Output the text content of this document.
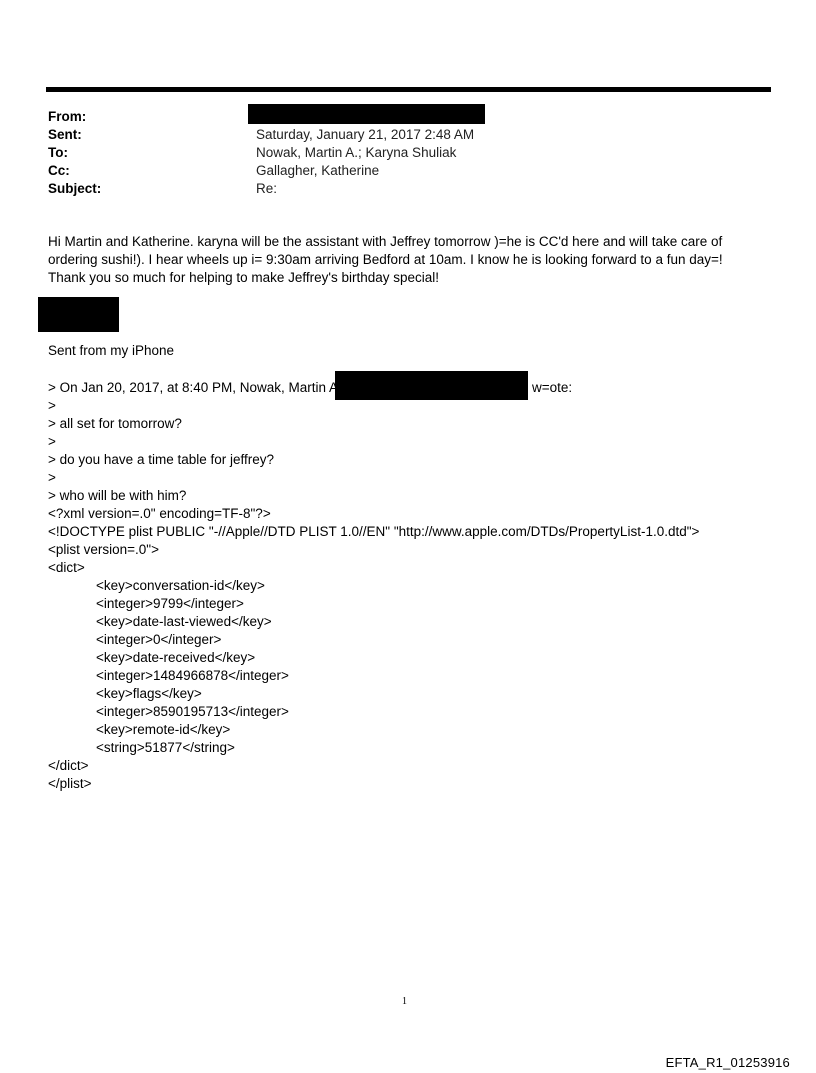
From:
Sent:	Saturday, January 21, 2017 2:48 AM
To:	Nowak, Martin A.; Karyna Shuliak
Cc:	Gallagher, Katherine
Subject:	Re:
Hi Martin and Katherine. karyna will be the assistant with Jeffrey tomorrow )=he is CC'd here and will take care of
ordering sushi!). I hear wheels up i= 9:30am arriving Bedford at 10am. I know he is looking forward to a fun day=!
Thank you so much for helping to make Jeffrey's birthday special!
Sent from my iPhone
> On Jan 20, 2017, at 8:40 PM, Nowak, Martin A.	w=ote:
>
> all set for tomorrow?
>
> do you have a time table for jeffrey?
>
> who will be with him?
<?xml version=.0" encoding=TF-8"?>
<!DOCTYPE plist PUBLIC "-//Apple//DTD PLIST 1.0//EN" "http://www.apple.com/DTDs/PropertyList-1.0.dtd">
<plist version=.0">
<dict>
<key>conversation-id</key>
<integer>9799</integer>
<key>date-last-viewed</key>
<integer>0</integer>
<key>date-received</key>
<integer>1484966878</integer>
<key>flags</key>
<integer>8590195713</integer>
<key>remote-id</key>
<string>51877</string>
</dict>
</plist>
1
EFTA_R1_01253916
